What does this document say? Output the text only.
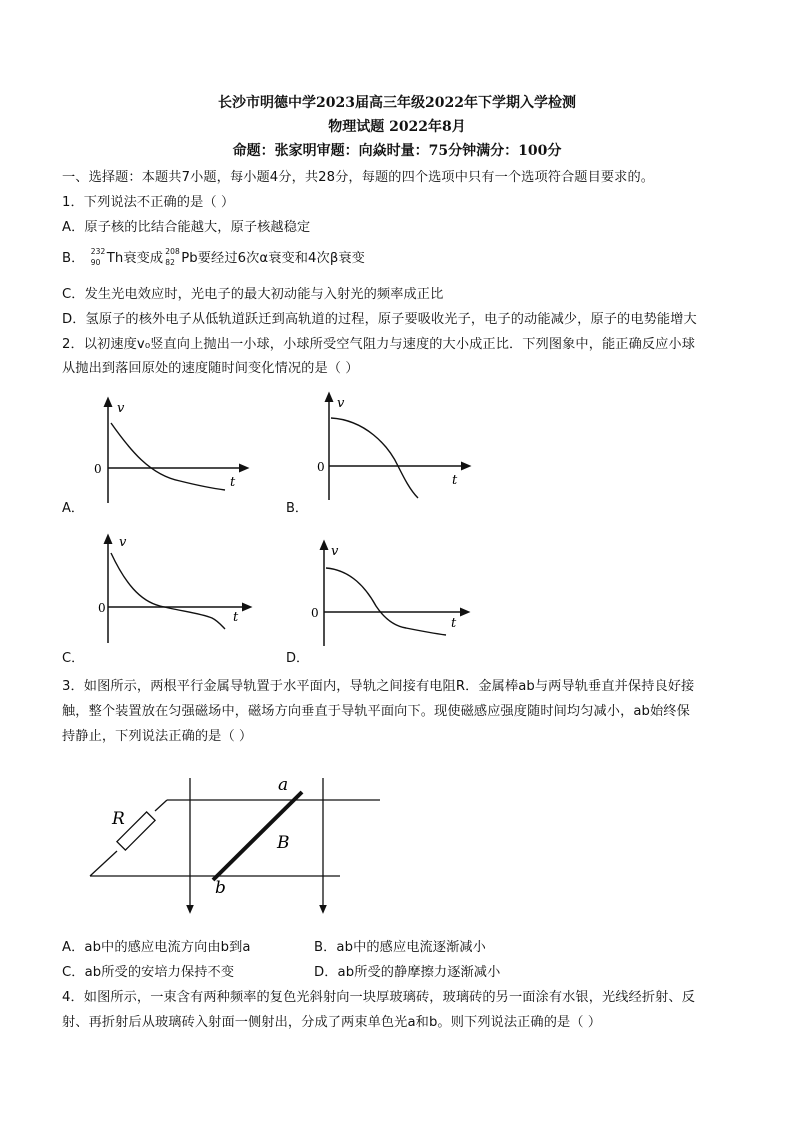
长沙市明德中学2023届高三年级2022年下学期入学检测
物理试题 2022年8月
命题：张家明审题：向焱时量：75分钟满分：100分
一、选择题：本题共7小题，每小题4分，共28分，每题的四个选项中只有一个选项符合题目要求的。
1．下列说法不正确的是（ ）
A．原子核的比结合能越大，原子核越稳定
B． 232
90 Th衰变成 208
82 Pb要经过6次α衰变和4次β衰变
C．发生光电效应时，光电子的最大初动能与入射光的频率成正比
D．氢原子的核外电子从低轨道跃迁到高轨道的过程，原子要吸收光子，电子的动能减少，原子的电势能增大
2．以初速度v₀竖直向上抛出一小球，小球所受空气阻力与速度的大小成正比．下列图象中，能正确反应小球
从抛出到落回原处的速度随时间变化情况的是（ ）
v
0
t
A．
v
0
t
B．
v
0
t
C．
v
0
t
D．
3．如图所示，两根平行金属导轨置于水平面内，导轨之间接有电阻R．金属棒ab与两导轨垂直并保持良好接
触，整个装置放在匀强磁场中，磁场方向垂直于导轨平面向下。现使磁感应强度随时间均匀减小，ab始终保
持静止，下列说法正确的是（ ）
R
a
b
B
A．ab中的感应电流方向由b到a	B．ab中的感应电流逐渐减小
C．ab所受的安培力保持不变	D．ab所受的静摩擦力逐渐减小
4．如图所示，一束含有两种频率的复色光斜射向一块厚玻璃砖，玻璃砖的另一面涂有水银，光线经折射、反
射、再折射后从玻璃砖入射面一侧射出，分成了两束单色光a和b。则下列说法正确的是（ ）
